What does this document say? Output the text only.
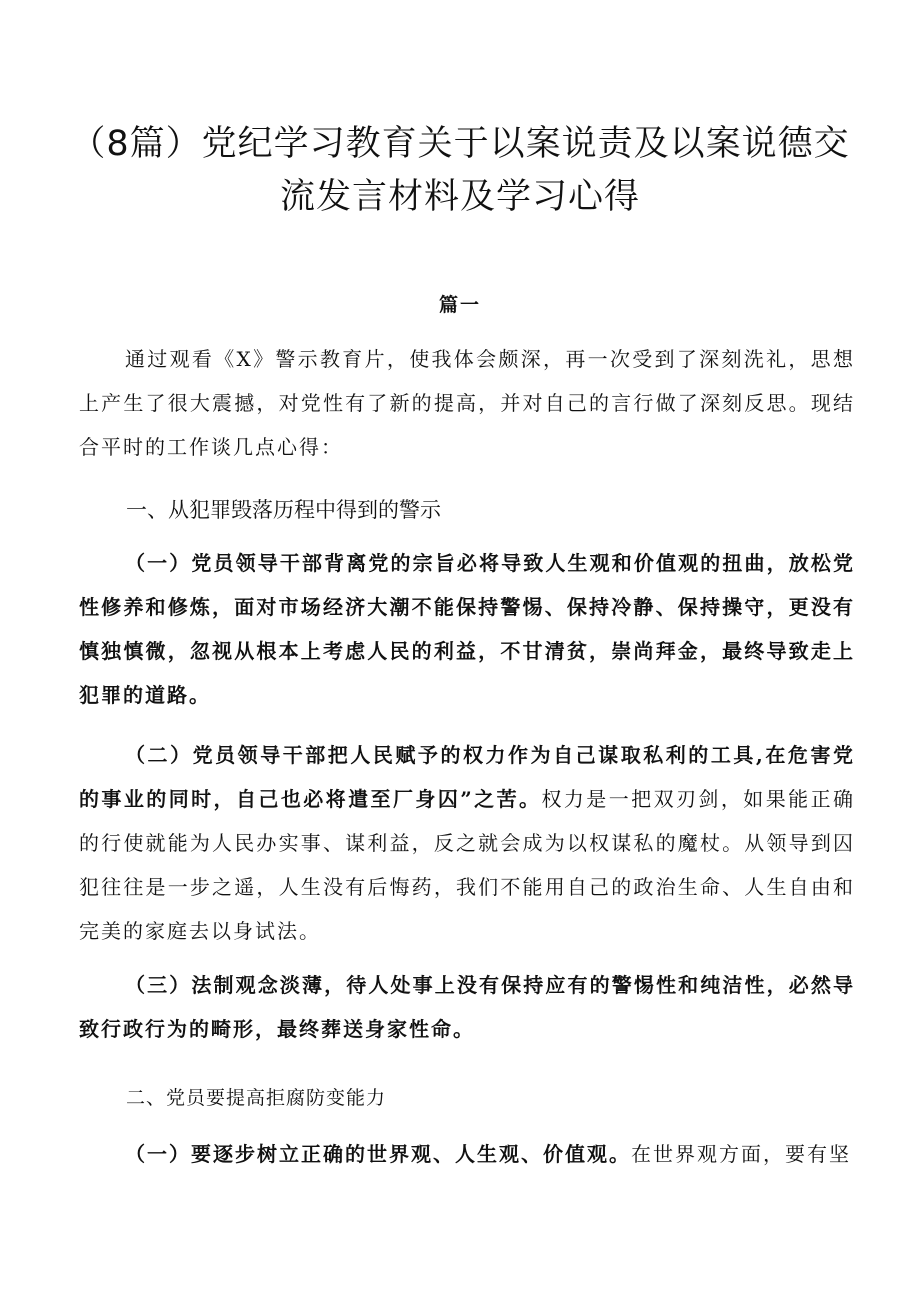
（8篇）党纪学习教育关于以案说责及以案说德交
流发言材料及学习心得
篇一

通过观看《X》警示教育片，使我体会颇深，再一次受到了深刻洗礼，思想上产生了很大震撼，对党性有了新的提高，并对自己的言行做了深刻反思。现结合平时的工作谈几点心得：

一、从犯罪毁落历程中得到的警示

（一）党员领导干部背离党的宗旨必将导致人生观和价值观的扭曲，放松党性修养和修炼，面对市场经济大潮不能保持警惕、保持冷静、保持操守，更没有慎独慎微，忽视从根本上考虑人民的利益，不甘清贫，崇尚拜金，最终导致走上犯罪的道路。

（二）党员领导干部把人民赋予的权力作为自己谋取私利的工具,在危害党的事业的同时，自己也必将遣至厂身囚”之苦。权力是一把双刃剑，如果能正确的行使就能为人民办实事、谋利益，反之就会成为以权谋私的魔杖。从领导到囚犯往往是一步之遥，人生没有后悔药，我们不能用自己的政治生命、人生自由和完美的家庭去以身试法。

（三）法制观念淡薄，待人处事上没有保持应有的警惕性和纯洁性，必然导致行政行为的畸形，最终葬送身家性命。

二、党员要提高拒腐防变能力

（一）要逐步树立正确的世界观、人生观、价值观。在世界观方面，要有坚
